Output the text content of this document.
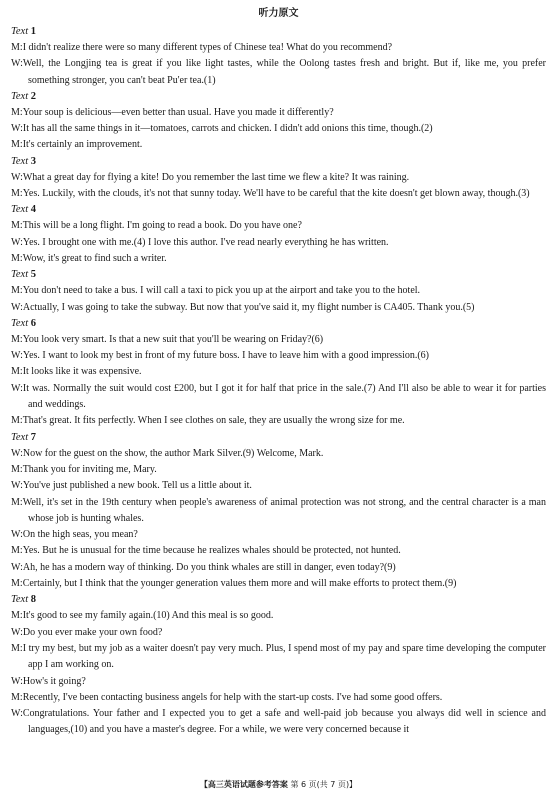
听力原文
Text 1
M:I didn't realize there were so many different types of Chinese tea! What do you recommend?
W:Well, the Longjing tea is great if you like light tastes, while the Oolong tastes fresh and bright. But if, like me, you prefer something stronger, you can't beat Pu'er tea.(1)
Text 2
M:Your soup is delicious—even better than usual. Have you made it differently?
W:It has all the same things in it—tomatoes, carrots and chicken. I didn't add onions this time, though.(2)
M:It's certainly an improvement.
Text 3
W:What a great day for flying a kite! Do you remember the last time we flew a kite? It was raining.
M:Yes. Luckily, with the clouds, it's not that sunny today. We'll have to be careful that the kite doesn't get blown away, though.(3)
Text 4
M:This will be a long flight. I'm going to read a book. Do you have one?
W:Yes. I brought one with me.(4) I love this author. I've read nearly everything he has written.
M:Wow, it's great to find such a writer.
Text 5
M:You don't need to take a bus. I will call a taxi to pick you up at the airport and take you to the hotel.
W:Actually, I was going to take the subway. But now that you've said it, my flight number is CA405. Thank you.(5)
Text 6
M:You look very smart. Is that a new suit that you'll be wearing on Friday?(6)
W:Yes. I want to look my best in front of my future boss. I have to leave him with a good impression.(6)
M:It looks like it was expensive.
W:It was. Normally the suit would cost £200, but I got it for half that price in the sale.(7) And I'll also be able to wear it for parties and weddings.
M:That's great. It fits perfectly. When I see clothes on sale, they are usually the wrong size for me.
Text 7
W:Now for the guest on the show, the author Mark Silver.(9) Welcome, Mark.
M:Thank you for inviting me, Mary.
W:You've just published a new book. Tell us a little about it.
M:Well, it's set in the 19th century when people's awareness of animal protection was not strong, and the central character is a man whose job is hunting whales.
W:On the high seas, you mean?
M:Yes. But he is unusual for the time because he realizes whales should be protected, not hunted.
W:Ah, he has a modern way of thinking. Do you think whales are still in danger, even today?(9)
M:Certainly, but I think that the younger generation values them more and will make efforts to protect them.(9)
Text 8
M:It's good to see my family again.(10) And this meal is so good.
W:Do you ever make your own food?
M:I try my best, but my job as a waiter doesn't pay very much. Plus, I spend most of my pay and spare time developing the computer app I am working on.
W:How's it going?
M:Recently, I've been contacting business angels for help with the start-up costs. I've had some good offers.
W:Congratulations. Your father and I expected you to get a safe and well-paid job because you always did well in science and languages,(10) and you have a master's degree. For a while, we were very concerned because it
【高三英语试题参考答案 第 6 页(共 7 页)】
